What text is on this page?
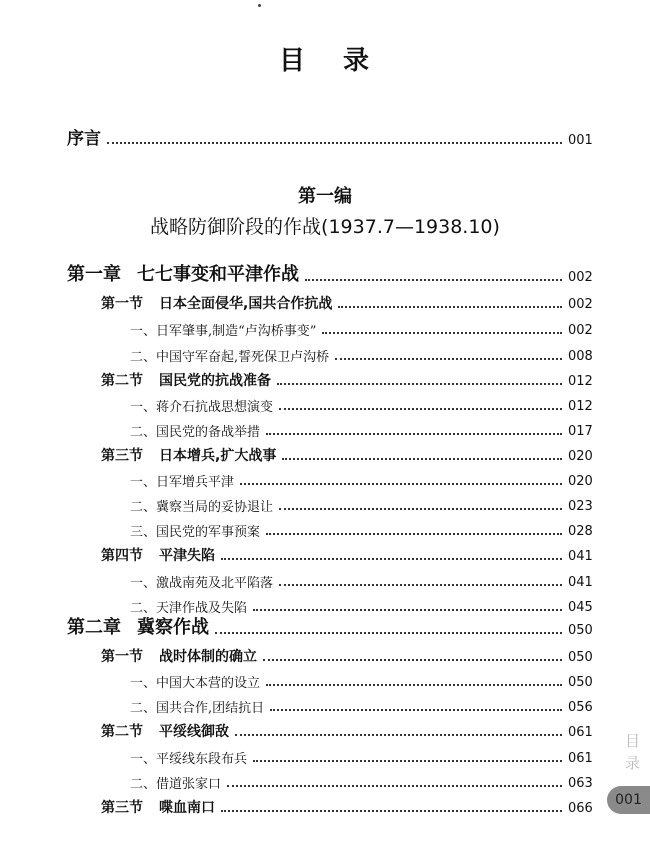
目 录
序言	001
第一编
战略防御阶段的作战(1937.7—1938.10)
第一章 七七事变和平津作战	002
第一节 日本全面侵华,国共合作抗战	002
一、日军肇事,制造“卢沟桥事变”	002
二、中国守军奋起,誓死保卫卢沟桥	008
第二节 国民党的抗战准备	012
一、蒋介石抗战思想演变	012
二、国民党的备战举措	017
第三节 日本增兵,扩大战事	020
一、日军增兵平津	020
二、冀察当局的妥协退让	023
三、国民党的军事预案	028
第四节 平津失陷	041
一、激战南苑及北平陷落	041
二、天津作战及失陷	045
第二章 冀察作战	050
第一节 战时体制的确立	050
一、中国大本营的设立	050
二、国共合作,团结抗日	056
第二节 平绥线御敌	061
一、平绥线东段布兵	061
二、借道张家口	063
第三节 喋血南口	066
目
录
001
